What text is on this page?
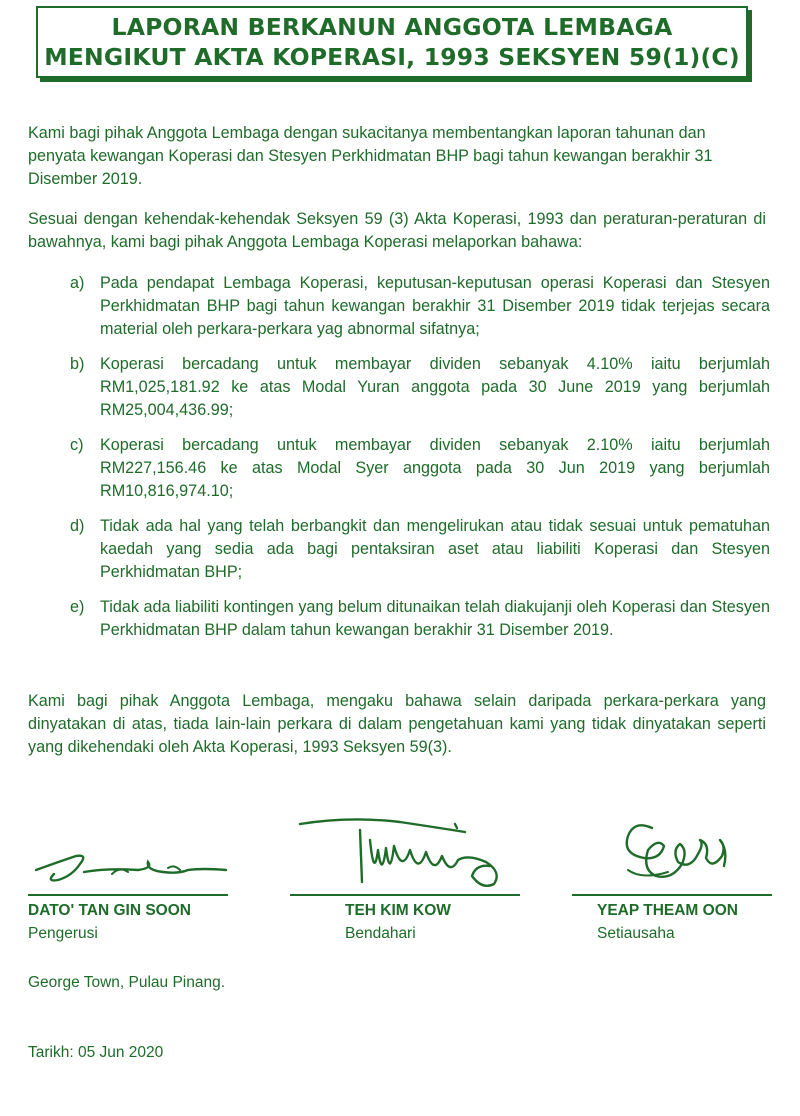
LAPORAN BERKANUN ANGGOTA LEMBAGA
MENGIKUT AKTA KOPERASI, 1993 SEKSYEN 59(1)(C)
Kami bagi pihak Anggota Lembaga dengan sukacitanya membentangkan laporan tahunan dan penyata kewangan Koperasi dan Stesyen Perkhidmatan BHP bagi tahun kewangan berakhir 31 Disember 2019.
Sesuai dengan kehendak-kehendak Seksyen 59 (3) Akta Koperasi, 1993 dan peraturan-peraturan di bawahnya, kami bagi pihak Anggota Lembaga Koperasi melaporkan bahawa:
a) Pada pendapat Lembaga Koperasi, keputusan-keputusan operasi Koperasi dan Stesyen Perkhidmatan BHP bagi tahun kewangan berakhir 31 Disember 2019 tidak terjejas secara material oleh perkara-perkara yag abnormal sifatnya;
b) Koperasi bercadang untuk membayar dividen sebanyak 4.10% iaitu berjumlah RM1,025,181.92 ke atas Modal Yuran anggota pada 30 June 2019 yang berjumlah RM25,004,436.99;
c)	Koperasi bercadang untuk membayar dividen sebanyak 2.10% iaitu berjumlah RM227,156.46 ke atas Modal Syer anggota pada 30 Jun 2019 yang berjumlah RM10,816,974.10;
d) Tidak ada hal yang telah berbangkit dan mengelirukan atau tidak sesuai untuk pematuhan kaedah yang sedia ada bagi pentaksiran aset atau liabiliti Koperasi dan Stesyen Perkhidmatan BHP;
e) Tidak ada liabiliti kontingen yang belum ditunaikan telah diakujanji oleh Koperasi dan Stesyen Perkhidmatan BHP dalam tahun kewangan berakhir 31 Disember 2019.
Kami bagi pihak Anggota Lembaga, mengaku bahawa selain daripada perkara-perkara yang dinyatakan di atas, tiada lain-lain perkara di dalam pengetahuan kami yang tidak dinyatakan seperti yang dikehendaki oleh Akta Koperasi, 1993 Seksyen 59(3).
DATO' TAN GIN SOON
Pengerusi
TEH KIM KOW
Bendahari
YEAP THEAM OON
Setiausaha
George Town, Pulau Pinang.
Tarikh: 05 Jun 2020
